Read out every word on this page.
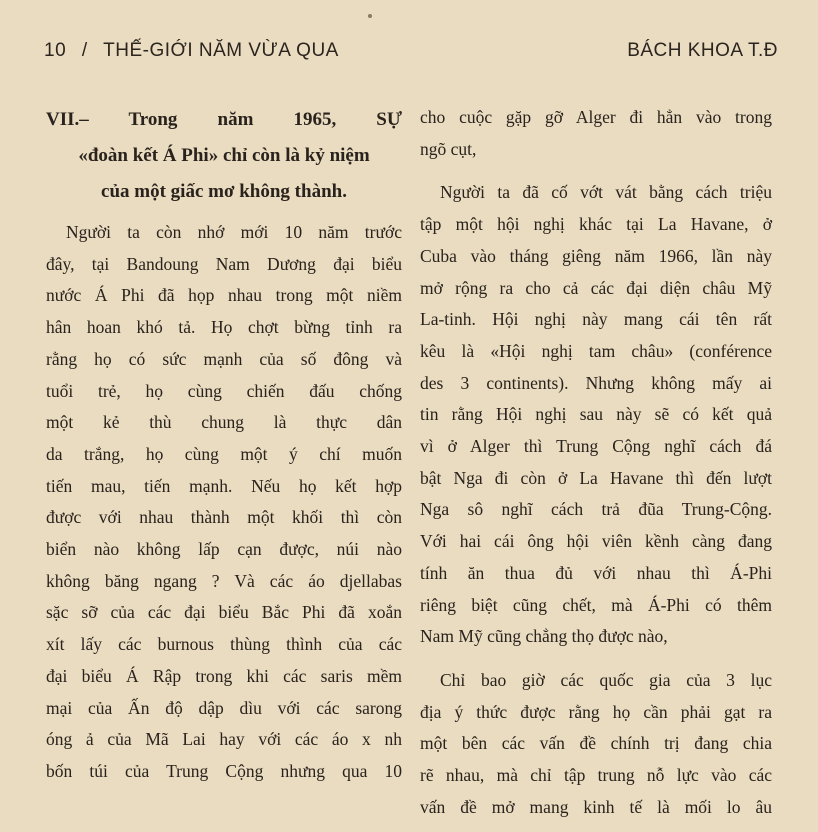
10 / THẾ-GIỚI NĂM VỪA QUA	BÁCH KHOA T.Đ
VII.– Trong năm 1965, SỰ
«đoàn kết Á Phi» chỉ còn là kỷ niệm
của một giấc mơ không thành.
Người ta còn nhớ mới 10 năm trước
đây, tại Bandoung Nam Dương đại biểu
nước Á Phi đã họp nhau trong một niềm
hân hoan khó tả. Họ chợt bừng tỉnh ra
rằng họ có sức mạnh của số đông và
tuổi trẻ, họ cùng chiến đấu chống
một kẻ thù chung là thực dân
da trắng, họ cùng một ý chí muốn
tiến mau, tiến mạnh. Nếu họ kết hợp
được với nhau thành một khối thì còn
biển nào không lấp cạn được, núi nào
không băng ngang ? Và các áo djellabas
sặc sỡ của các đại biểu Bắc Phi đã xoắn
xít lấy các burnous thùng thình của các
đại biểu Á Rập trong khi các saris mềm
mại của Ấn độ dập dìu với các sarong
óng ả của Mã Lai hay với các áo x nh
bốn túi của Trung Cộng nhưng qua 10
cho cuộc gặp gỡ Alger đi hẳn vào trong
ngõ cụt,
Người ta đã cố vớt vát bằng cách triệu
tập một hội nghị khác tại La Havane, ở
Cuba vào tháng giêng năm 1966, lần này
mở rộng ra cho cả các đại diện châu Mỹ
La-tinh. Hội nghị này mang cái tên rất
kêu là «Hội nghị tam châu» (conférence
des 3 continents). Nhưng không mấy ai
tin rằng Hội nghị sau này sẽ có kết quả
vì ở Alger thì Trung Cộng nghĩ cách đá
bật Nga đi còn ở La Havane thì đến lượt
Nga sô nghĩ cách trả đũa Trung-Cộng.
Với hai cái ông hội viên kềnh càng đang
tính ăn thua đủ với nhau thì Á-Phi
riêng biệt cũng chết, mà Á-Phi có thêm
Nam Mỹ cũng chẳng thọ được nào,
Chỉ bao giờ các quốc gia của 3 lục
địa ý thức được rằng họ cần phải gạt ra
một bên các vấn đề chính trị đang chia
rẽ nhau, mà chỉ tập trung nỗ lực vào các
vấn đề mở mang kinh tế là mối lo âu
